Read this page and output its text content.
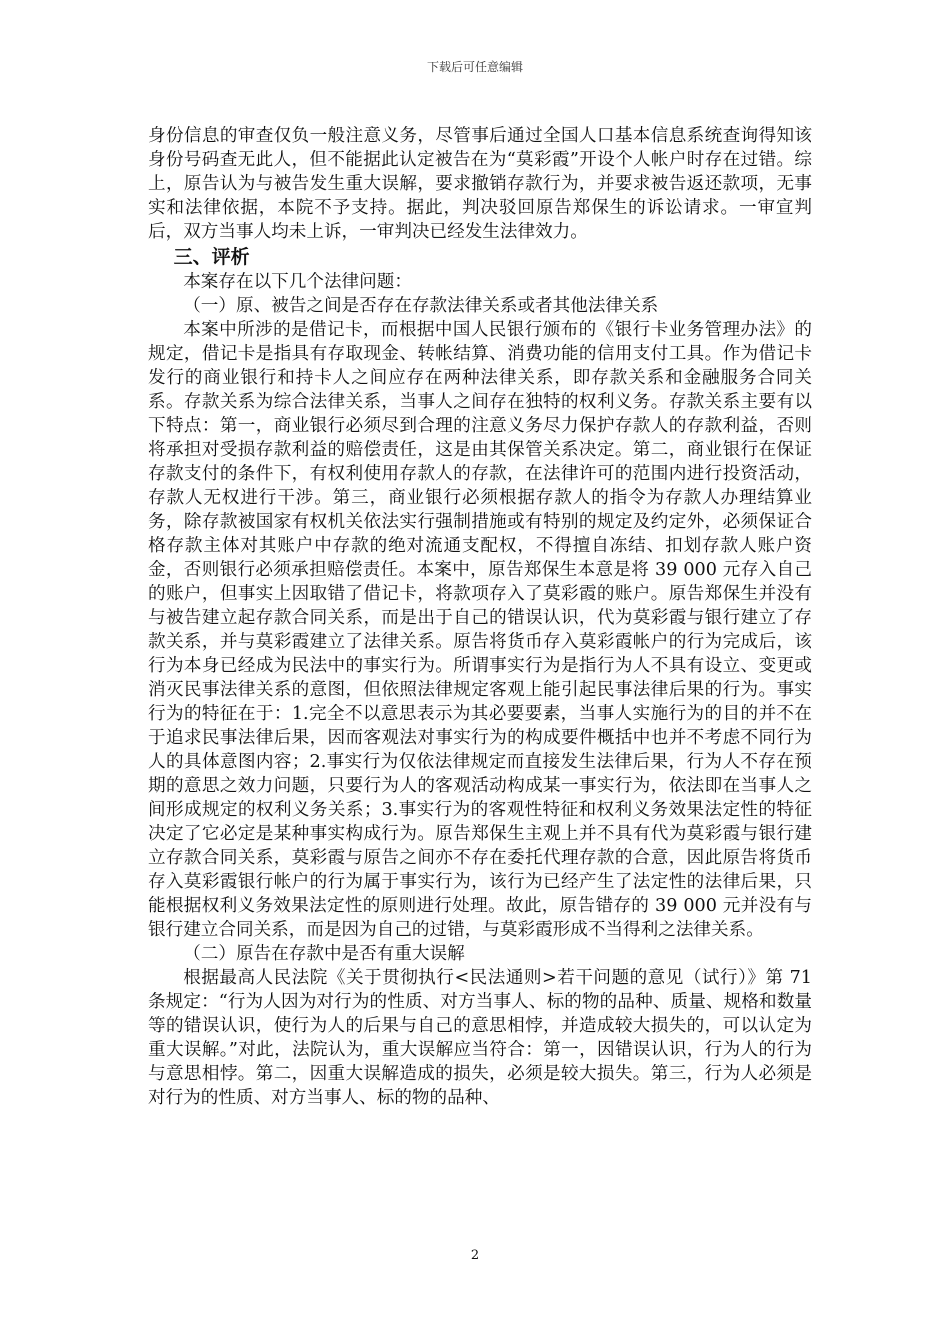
下载后可任意编辑

身份信息的审查仅负一般注意义务，尽管事后通过全国人口基本信息系统查询得知该身份号码查无此人，但不能据此认定被告在为“莫彩霞”开设个人帐户时存在过错。综上，原告认为与被告发生重大误解，要求撤销存款行为，并要求被告返还款项，无事实和法律依据，本院不予支持。据此，判决驳回原告郑保生的诉讼请求。一审宣判后，双方当事人均未上诉，一审判决已经发生法律效力。

三、评析

本案存在以下几个法律问题：

（一）原、被告之间是否存在存款法律关系或者其他法律关系

本案中所涉的是借记卡，而根据中国人民银行颁布的《银行卡业务管理办法》的规定，借记卡是指具有存取现金、转帐结算、消费功能的信用支付工具。作为借记卡发行的商业银行和持卡人之间应存在两种法律关系，即存款关系和金融服务合同关系。存款关系为综合法律关系，当事人之间存在独特的权利义务。存款关系主要有以下特点：第一，商业银行必须尽到合理的注意义务尽力保护存款人的存款利益，否则将承担对受损存款利益的赔偿责任，这是由其保管关系决定。第二，商业银行在保证存款支付的条件下，有权利使用存款人的存款，在法律许可的范围内进行投资活动，存款人无权进行干涉。第三，商业银行必须根据存款人的指令为存款人办理结算业务，除存款被国家有权机关依法实行强制措施或有特别的规定及约定外，必须保证合格存款主体对其账户中存款的绝对流通支配权，不得擅自冻结、扣划存款人账户资金，否则银行必须承担赔偿责任。本案中，原告郑保生本意是将 39 000 元存入自己的账户，但事实上因取错了借记卡，将款项存入了莫彩霞的账户。原告郑保生并没有与被告建立起存款合同关系，而是出于自己的错误认识，代为莫彩霞与银行建立了存款关系，并与莫彩霞建立了法律关系。原告将货币存入莫彩霞帐户的行为完成后，该行为本身已经成为民法中的事实行为。所谓事实行为是指行为人不具有设立、变更或消灭民事法律关系的意图，但依照法律规定客观上能引起民事法律后果的行为。事实行为的特征在于：1.完全不以意思表示为其必要要素，当事人实施行为的目的并不在于追求民事法律后果，因而客观法对事实行为的构成要件概括中也并不考虑不同行为人的具体意图内容；2.事实行为仅依法律规定而直接发生法律后果，行为人不存在预期的意思之效力问题，只要行为人的客观活动构成某一事实行为，依法即在当事人之间形成规定的权利义务关系；3.事实行为的客观性特征和权利义务效果法定性的特征决定了它必定是某种事实构成行为。原告郑保生主观上并不具有代为莫彩霞与银行建立存款合同关系，莫彩霞与原告之间亦不存在委托代理存款的合意，因此原告将货币存入莫彩霞银行帐户的行为属于事实行为，该行为已经产生了法定性的法律后果，只能根据权利义务效果法定性的原则进行处理。故此，原告错存的 39 000 元并没有与银行建立合同关系，而是因为自己的过错，与莫彩霞形成不当得利之法律关系。

（二）原告在存款中是否有重大误解

根据最高人民法院《关于贯彻执行<民法通则>若干问题的意见（试行）》第 71 条规定：“行为人因为对行为的性质、对方当事人、标的物的品种、质量、规格和数量等的错误认识，使行为人的后果与自己的意思相悖，并造成较大损失的，可以认定为重大误解。”对此，法院认为，重大误解应当符合：第一，因错误认识，行为人的行为与意思相悖。第二，因重大误解造成的损失，必须是较大损失。第三，行为人必须是对行为的性质、对方当事人、标的物的品种、

2
